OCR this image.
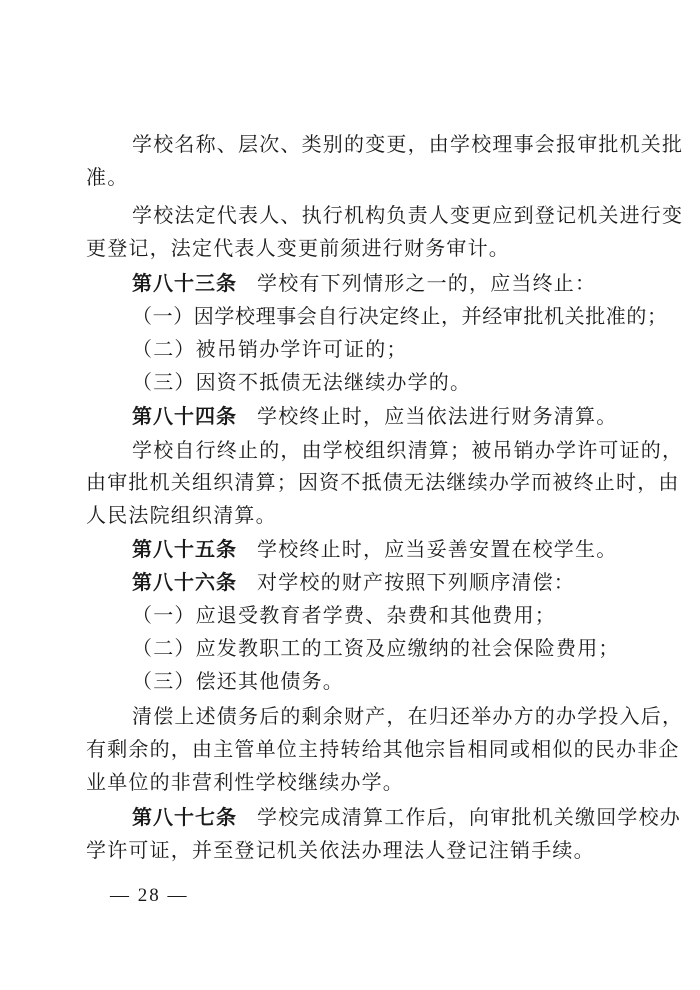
学校名称、层次、类别的变更，由学校理事会报审批机关批
准。
学校法定代表人、执行机构负责人变更应到登记机关进行变
更登记，法定代表人变更前须进行财务审计。
第八十三条 学校有下列情形之一的，应当终止：
（一）因学校理事会自行决定终止，并经审批机关批准的；
（二）被吊销办学许可证的；
（三）因资不抵债无法继续办学的。
第八十四条 学校终止时，应当依法进行财务清算。
学校自行终止的，由学校组织清算；被吊销办学许可证的，
由审批机关组织清算；因资不抵债无法继续办学而被终止时，由
人民法院组织清算。
第八十五条 学校终止时，应当妥善安置在校学生。
第八十六条 对学校的财产按照下列顺序清偿：
（一）应退受教育者学费、杂费和其他费用；
（二）应发教职工的工资及应缴纳的社会保险费用；
（三）偿还其他债务。
清偿上述债务后的剩余财产，在归还举办方的办学投入后，
有剩余的，由主管单位主持转给其他宗旨相同或相似的民办非企
业单位的非营利性学校继续办学。
第八十七条 学校完成清算工作后，向审批机关缴回学校办
学许可证，并至登记机关依法办理法人登记注销手续。
— 28 —
